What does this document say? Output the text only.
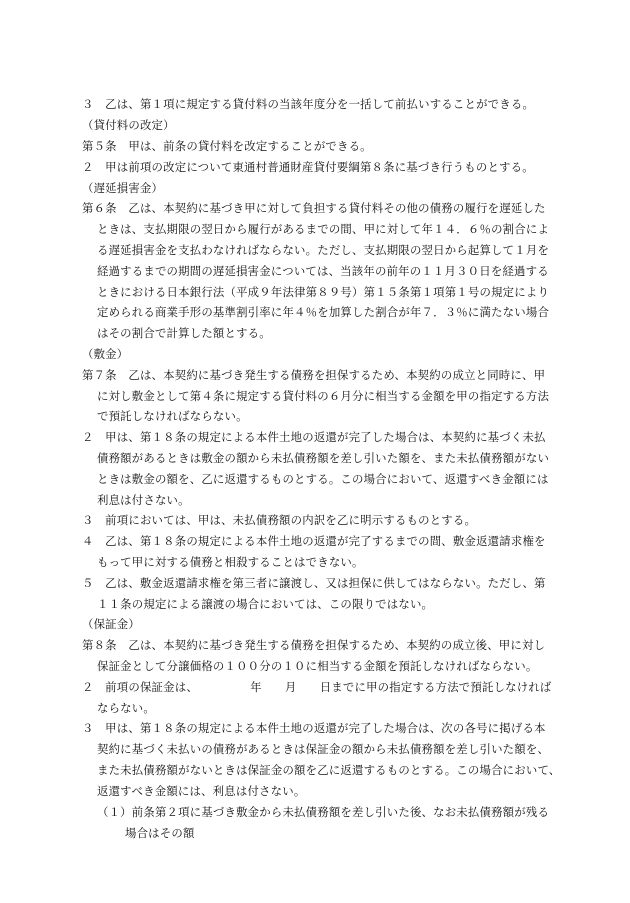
３　乙は、第１項に規定する貸付料の当該年度分を一括して前払いすることができる。
（貸付料の改定）
第５条　甲は、前条の貸付料を改定することができる。
２　甲は前項の改定について東通村普通財産貸付要綱第８条に基づき行うものとする。
（遅延損害金）
第６条　乙は、本契約に基づき甲に対して負担する貸付料その他の債務の履行を遅延した
ときは、支払期限の翌日から履行があるまでの間、甲に対して年１４．６％の割合によ
る遅延損害金を支払わなければならない。ただし、支払期限の翌日から起算して１月を
経過するまでの期間の遅延損害金については、当該年の前年の１１月３０日を経過する
ときにおける日本銀行法（平成９年法律第８９号）第１５条第１項第１号の規定により
定められる商業手形の基準割引率に年４％を加算した割合が年７．３％に満たない場合
はその割合で計算した額とする。
（敷金）
第７条　乙は、本契約に基づき発生する債務を担保するため、本契約の成立と同時に、甲
に対し敷金として第４条に規定する貸付料の６月分に相当する金額を甲の指定する方法
で預託しなければならない。
２　甲は、第１８条の規定による本件土地の返還が完了した場合は、本契約に基づく未払
債務額があるときは敷金の額から未払債務額を差し引いた額を、また未払債務額がない
ときは敷金の額を、乙に返還するものとする。この場合において、返還すべき金額には
利息は付さない。
３　前項においては、甲は、未払債務額の内訳を乙に明示するものとする。
４　乙は、第１８条の規定による本件土地の返還が完了するまでの間、敷金返還請求権を
もって甲に対する債務と相殺することはできない。
５　乙は、敷金返還請求権を第三者に譲渡し、又は担保に供してはならない。ただし、第
１１条の規定による譲渡の場合においては、この限りではない。
（保証金）
第８条　乙は、本契約に基づき発生する債務を担保するため、本契約の成立後、甲に対し
保証金として分譲価格の１００分の１０に相当する金額を預託しなければならない。
２　前項の保証金は、　　　　　年　　月　　日までに甲の指定する方法で預託しなければ
ならない。
３　甲は、第１８条の規定による本件土地の返還が完了した場合は、次の各号に掲げる本
契約に基づく未払いの債務があるときは保証金の額から未払債務額を差し引いた額を、
また未払債務額がないときは保証金の額を乙に返還するものとする。この場合において、
返還すべき金額には、利息は付さない。
（１）前条第２項に基づき敷金から未払債務額を差し引いた後、なお未払債務額が残る
場合はその額
